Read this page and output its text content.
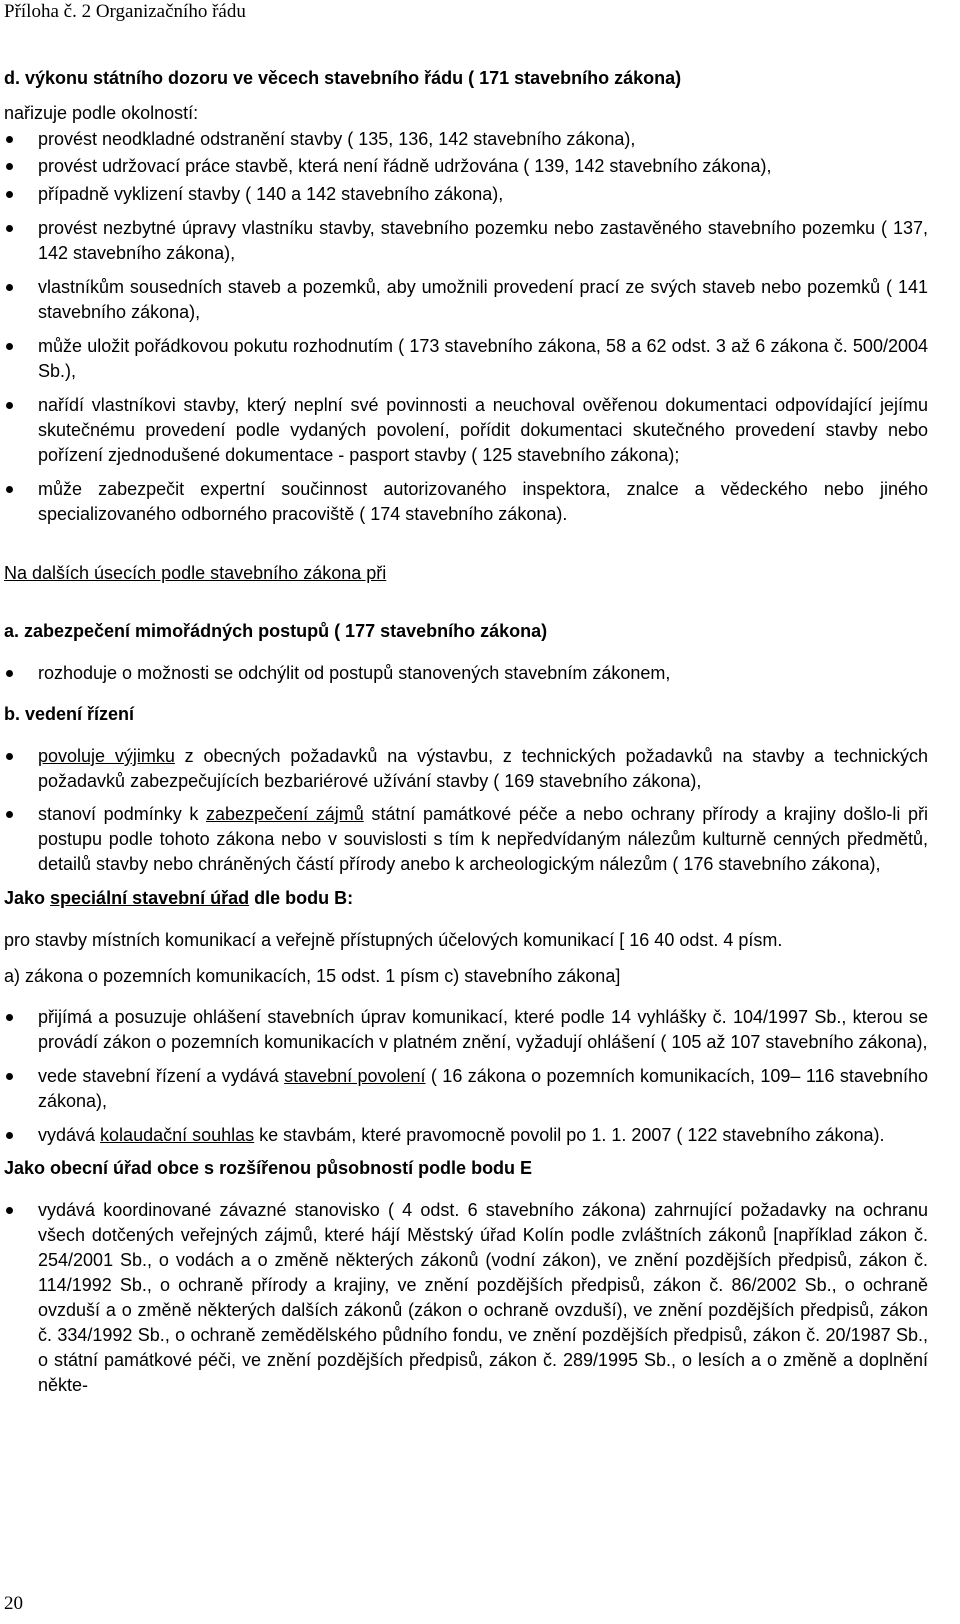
Příloha č. 2 Organizačního řádu

d. výkonu státního dozoru ve věcech stavebního řádu ( 171 stavebního zákona)

nařizuje podle okolností:

provést neodkladné odstranění stavby ( 135, 136, 142 stavebního zákona),
provést udržovací práce stavbě, která není řádně udržována ( 139, 142 stavebního zákona),
případně vyklizení stavby ( 140 a 142 stavebního zákona),
provést nezbytné úpravy vlastníku stavby, stavebního pozemku nebo zastavěného stavebního pozemku ( 137, 142 stavebního zákona),
vlastníkům sousedních staveb a pozemků, aby umožnili provedení prací ze svých staveb nebo pozemků ( 141 stavebního zákona),
může uložit pořádkovou pokutu rozhodnutím ( 173 stavebního zákona, 58 a 62 odst. 3 až 6 zákona č. 500/2004 Sb.),
nařídí vlastníkovi stavby, který neplní své povinnosti a neuchoval ověřenou dokumentaci odpovídající jejímu skutečnému provedení podle vydaných povolení, pořídit dokumentaci skutečného provedení stavby nebo pořízení zjednodušené dokumentace - pasport stavby ( 125 stavebního zákona);
může zabezpečit expertní součinnost autorizovaného inspektora, znalce a vědeckého nebo jiného specializovaného odborného pracoviště ( 174 stavebního zákona).

Na dalších úsecích podle stavebního zákona při

a. zabezpečení mimořádných postupů ( 177 stavebního zákona)

rozhoduje o možnosti se odchýlit od postupů stanovených stavebním zákonem,

b. vedení řízení

povoluje výjimku z obecných požadavků na výstavbu, z technických požadavků na stavby a technických požadavků zabezpečujících bezbariérové užívání stavby ( 169 stavebního zákona),
stanoví podmínky k zabezpečení zájmů státní památkové péče a nebo ochrany přírody a krajiny došlo-li při postupu podle tohoto zákona nebo v souvislosti s tím k nepředvídaným nálezům kulturně cenných předmětů, detailů stavby nebo chráněných částí přírody anebo k archeologickým nálezům ( 176 stavebního zákona),

Jako speciální stavební úřad dle bodu B:

pro stavby místních komunikací a veřejně přístupných účelových komunikací [ 16 40 odst. 4 písm.

a) zákona o pozemních komunikacích, 15 odst. 1 písm c) stavebního zákona]

přijímá a posuzuje ohlášení stavebních úprav komunikací, které podle 14 vyhlášky č. 104/1997 Sb., kterou se provádí zákon o pozemních komunikacích v platném znění, vyžadují ohlášení ( 105 až 107 stavebního zákona),
vede stavební řízení a vydává stavební povolení ( 16 zákona o pozemních komunikacích, 109– 116 stavebního zákona),
vydává kolaudační souhlas ke stavbám, které pravomocně povolil po 1. 1. 2007 ( 122 stavebního zákona).

Jako obecní úřad obce s rozšířenou působností podle bodu E

vydává koordinované závazné stanovisko ( 4 odst. 6 stavebního zákona) zahrnující požadavky na ochranu všech dotčených veřejných zájmů, které hájí Městský úřad Kolín podle zvláštních zákonů [například zákon č. 254/2001 Sb., o vodách a o změně některých zákonů (vodní zákon), ve znění pozdějších předpisů, zákon č. 114/1992 Sb., o ochraně přírody a krajiny, ve znění pozdějších předpisů, zákon č. 86/2002 Sb., o ochraně ovzduší a o změně některých dalších zákonů (zákon o ochraně ovzduší), ve znění pozdějších předpisů, zákon č. 334/1992 Sb., o ochraně zemědělského půdního fondu, ve znění pozdějších předpisů, zákon č. 20/1987 Sb., o státní památkové péči, ve znění pozdějších předpisů, zákon č. 289/1995 Sb., o lesích a o změně a doplnění někte-
20
